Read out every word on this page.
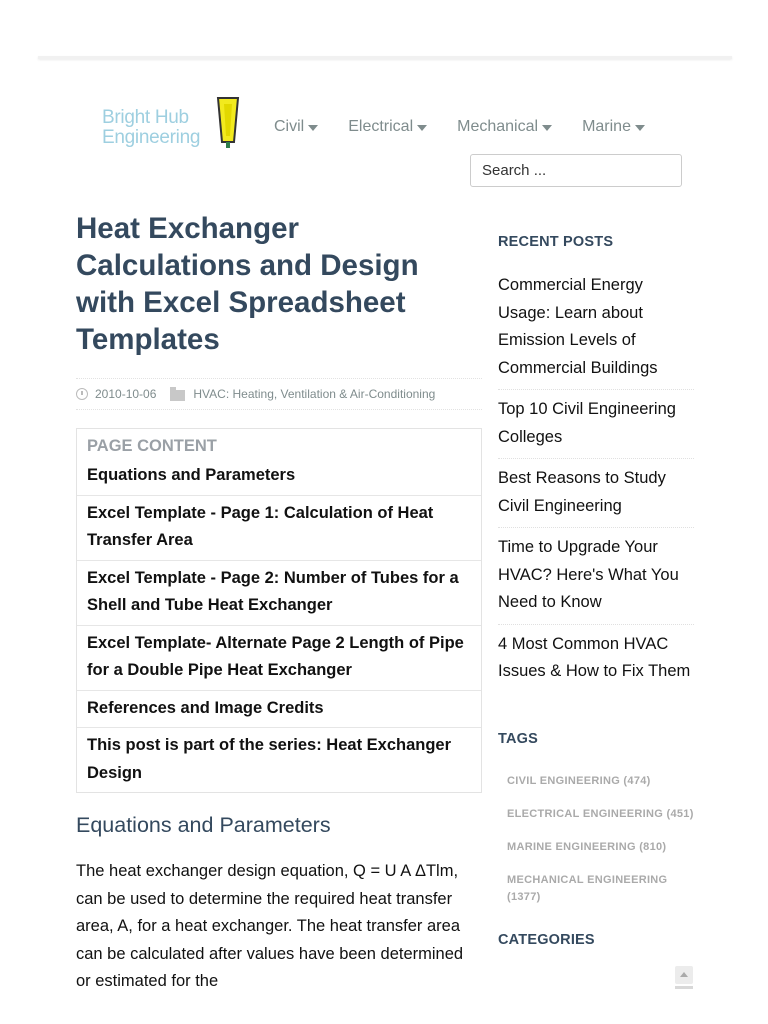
Bright Hub
Engineering
Civil	Electrical	Mechanical	Marine
Search ...
Heat Exchanger Calculations and Design with Excel Spreadsheet Templates
2010-10-06	HVAC: Heating, Ventilation & Air-Conditioning
PAGE CONTENT
Equations and Parameters
Excel Template - Page 1: Calculation of Heat Transfer Area
Excel Template - Page 2: Number of Tubes for a Shell and Tube Heat Exchanger
Excel Template- Alternate Page 2 Length of Pipe for a Double Pipe Heat Exchanger
References and Image Credits
This post is part of the series: Heat Exchanger Design
Equations and Parameters
The heat exchanger design equation, Q = U A ΔTlm, can be used to determine the required heat transfer area, A, for a heat exchanger. The heat transfer area can be calculated after values have been determined or estimated for the
RECENT POSTS
Commercial Energy Usage: Learn about Emission Levels of Commercial Buildings
Top 10 Civil Engineering Colleges
Best Reasons to Study Civil Engineering
Time to Upgrade Your HVAC? Here's What You Need to Know
4 Most Common HVAC Issues & How to Fix Them
TAGS
CIVIL ENGINEERING (474)
ELECTRICAL ENGINEERING (451)
MARINE ENGINEERING (810)
MECHANICAL ENGINEERING (1377)
CATEGORIES
